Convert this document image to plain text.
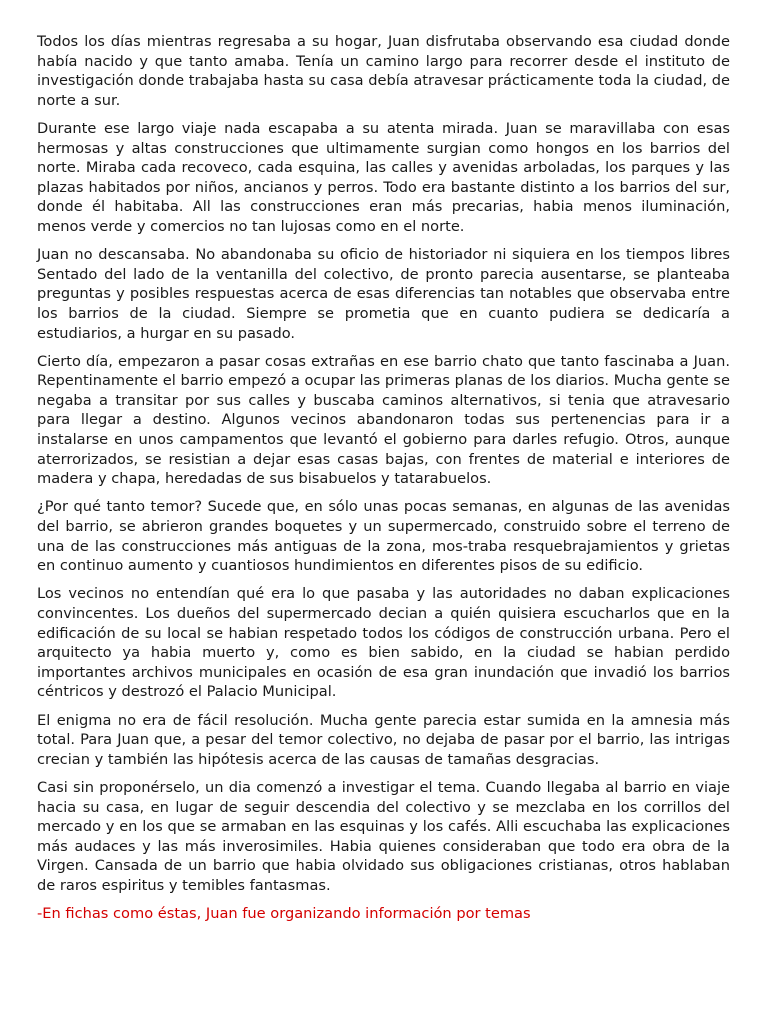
Todos los días mientras regresaba a su hogar, Juan disfrutaba observando esa ciudad donde había nacido y que tanto amaba. Tenía un camino largo para recorrer desde el instituto de investigación donde trabajaba hasta su casa debía atravesar prácticamente toda la ciudad, de norte a sur.

Durante ese largo viaje nada escapaba a su atenta mirada. Juan se maravillaba con esas hermosas y altas construcciones que ultimamente surgian como hongos en los barrios del norte. Miraba cada recoveco, cada esquina, las calles y avenidas arboladas, los parques y las plazas habitados por niños, ancianos y perros. Todo era bastante distinto a los barrios del sur, donde él habitaba. All las construcciones eran más precarias, habia menos iluminación, menos verde y comercios no tan lujosas como en el norte.

Juan no descansaba. No abandonaba su oficio de historiador ni siquiera en los tiempos libres Sentado del lado de la ventanilla del colectivo, de pronto parecia ausentarse, se planteaba preguntas y posibles respuestas acerca de esas diferencias tan notables que observaba entre los barrios de la ciudad. Siempre se prometia que en cuanto pudiera se dedicaría a estudiarios, a hurgar en su pasado.

Cierto día, empezaron a pasar cosas extrañas en ese barrio chato que tanto fascinaba a Juan. Repentinamente el barrio empezó a ocupar las primeras planas de los diarios. Mucha gente se negaba a transitar por sus calles y buscaba caminos alternativos, si tenia que atravesario para llegar a destino. Algunos vecinos abandonaron todas sus pertenencias para ir a instalarse en unos campamentos que levantó el gobierno para darles refugio. Otros, aunque aterrorizados, se resistian a dejar esas casas bajas, con frentes de material e interiores de madera y chapa, heredadas de sus bisabuelos y tatarabuelos.

¿Por qué tanto temor? Sucede que, en sólo unas pocas semanas, en algunas de las avenidas del barrio, se abrieron grandes boquetes y un supermercado, construido sobre el terreno de una de las construcciones más antiguas de la zona, mos-traba resquebrajamientos y grietas en continuo aumento y cuantiosos hundimientos en diferentes pisos de su edificio.

Los vecinos no entendían qué era lo que pasaba y las autoridades no daban explicaciones convincentes. Los dueños del supermercado decian a quién quisiera escucharlos que en la edificación de su local se habian respetado todos los códigos de construcción urbana. Pero el arquitecto ya habia muerto y, como es bien sabido, en la ciudad se habian perdido importantes archivos municipales en ocasión de esa gran inundación que invadió los barrios céntricos y destrozó el Palacio Municipal.

El enigma no era de fácil resolución. Mucha gente parecia estar sumida en la amnesia más total. Para Juan que, a pesar del temor colectivo, no dejaba de pasar por el barrio, las intrigas crecian y también las hipótesis acerca de las causas de tamañas desgracias.

Casi sin proponérselo, un dia comenzó a investigar el tema. Cuando llegaba al barrio en viaje hacia su casa, en lugar de seguir descendia del colectivo y se mezclaba en los corrillos del mercado y en los que se armaban en las esquinas y los cafés. Alli escuchaba las explicaciones más audaces y las más inverosimiles. Habia quienes consideraban que todo era obra de la Virgen. Cansada de un barrio que habia olvidado sus obligaciones cristianas, otros hablaban de raros espiritus y temibles fantasmas.

-En fichas como éstas, Juan fue organizando información por temas
